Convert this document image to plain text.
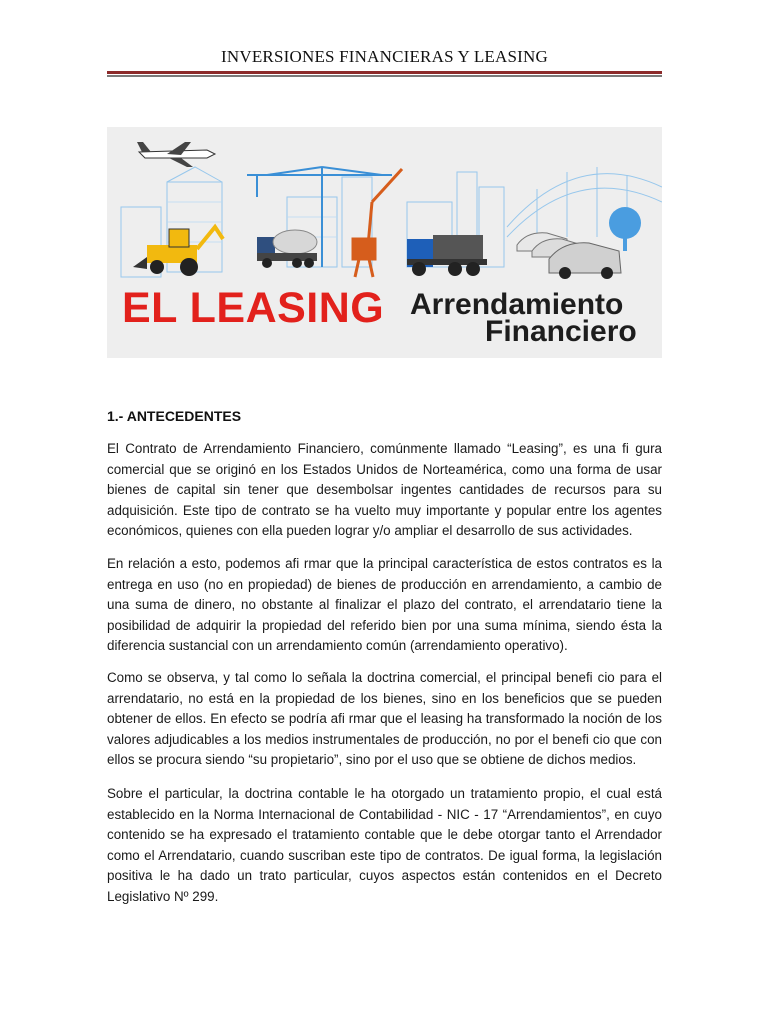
INVERSIONES FINANCIERAS Y LEASING
EL LEASING Arrendamiento
Financiero
1.- ANTECEDENTES

El Contrato de Arrendamiento Financiero, comúnmente llamado “Leasing”, es una fi gura comercial que se originó en los Estados Unidos de Norteamérica, como una forma de usar bienes de capital sin tener que desembolsar ingentes cantidades de recursos para su adquisición. Este tipo de contrato se ha vuelto muy importante y popular entre los agentes económicos, quienes con ella pueden lograr y/o ampliar el desarrollo de sus actividades.

En relación a esto, podemos afi rmar que la principal característica de estos contratos es la entrega en uso (no en propiedad) de bienes de producción en arrendamiento, a cambio de una suma de dinero, no obstante al finalizar el plazo del contrato, el arrendatario tiene la posibilidad de adquirir la propiedad del referido bien por una suma mínima, siendo ésta la diferencia sustancial con un arrendamiento común (arrendamiento operativo).

Como se observa, y tal como lo señala la doctrina comercial, el principal benefi cio para el arrendatario, no está en la propiedad de los bienes, sino en los beneficios que se pueden obtener de ellos. En efecto se podría afi rmar que el leasing ha transformado la noción de los valores adjudicables a los medios instrumentales de producción, no por el benefi cio que con ellos se procura siendo “su propietario”, sino por el uso que se obtiene de dichos medios.

Sobre el particular, la doctrina contable le ha otorgado un tratamiento propio, el cual está establecido en la Norma Internacional de Contabilidad - NIC - 17 “Arrendamientos”, en cuyo contenido se ha expresado el tratamiento contable que le debe otorgar tanto el Arrendador como el Arrendatario, cuando suscriban este tipo de contratos. De igual forma, la legislación positiva le ha dado un trato particular, cuyos aspectos están contenidos en el Decreto Legislativo Nº 299.
